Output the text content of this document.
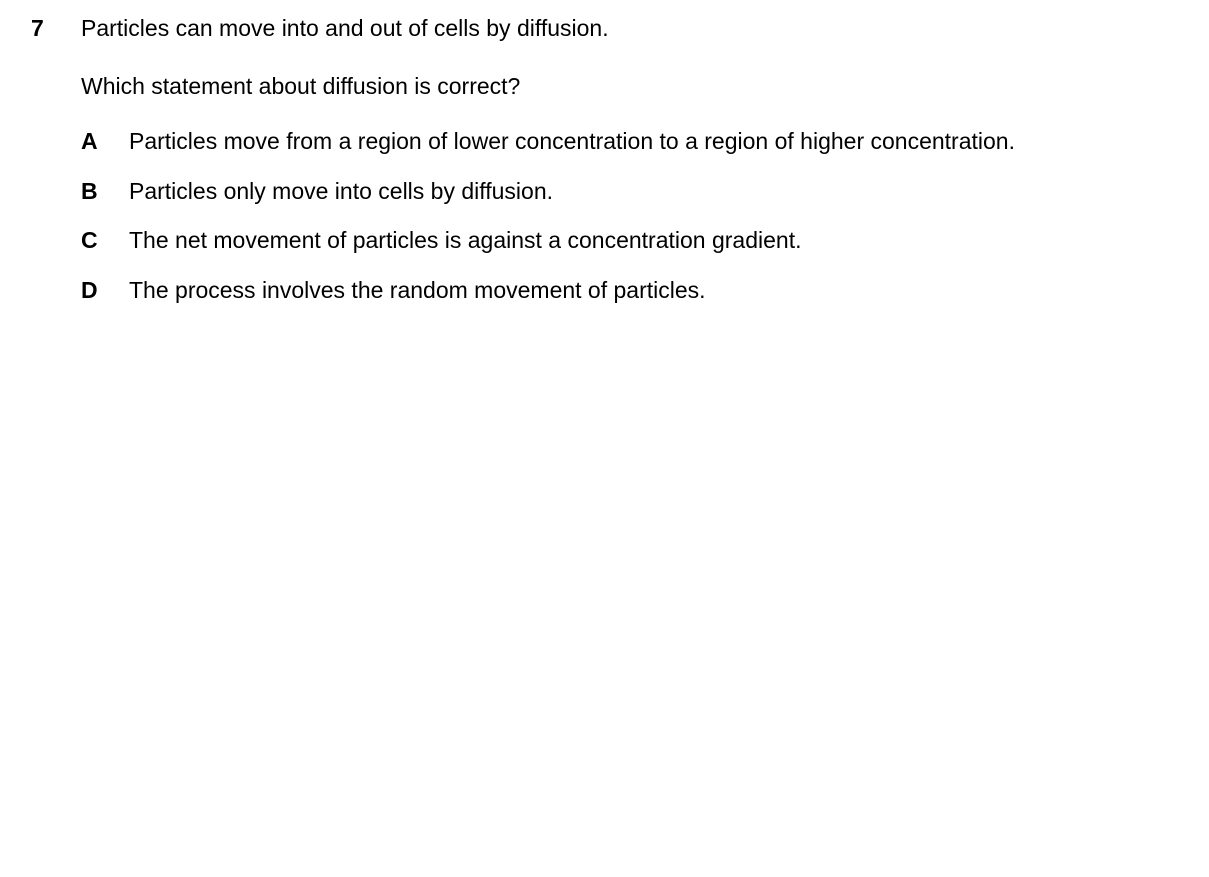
7 Particles can move into and out of cells by diffusion.
Which statement about diffusion is correct?
A	Particles move from a region of lower concentration to a region of higher concentration.
B	Particles only move into cells by diffusion.
C	The net movement of particles is against a concentration gradient.
D	The process involves the random movement of particles.
